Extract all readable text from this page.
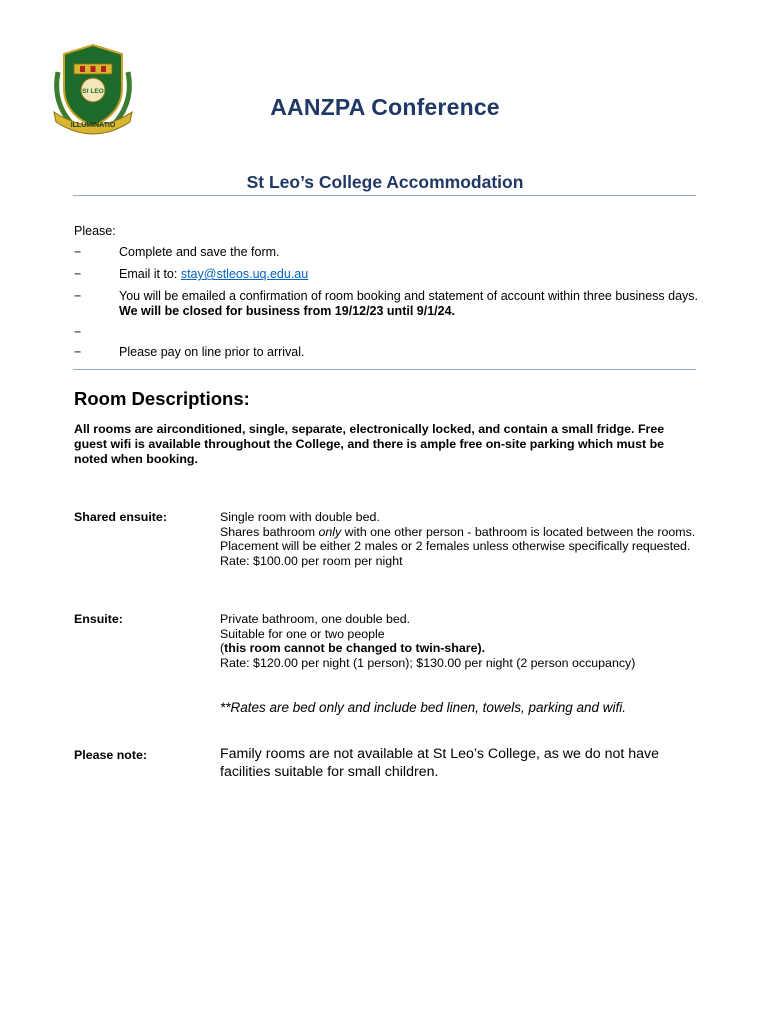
St LEO
ILLUMINATIO
AANZPA Conference
St Leo’s College Accommodation
Please:
−	Complete and save the form.
−	Email it to: stay@stleos.uq.edu.au
−	You will be emailed a confirmation of room booking and statement of account within three business days. We will be closed for business from 19/12/23 until 9/1/24.
−
−	Please pay on line prior to arrival.
Room Descriptions:
All rooms are airconditioned, single, separate, electronically locked, and contain a small fridge. Free guest wifi is available throughout the College, and there is ample free on-site parking which must be noted when booking.
Shared ensuite:	Single room with double bed.
Shares bathroom only with one other person - bathroom is located between the rooms.
Placement will be either 2 males or 2 females unless otherwise specifically requested.
Rate: $100.00 per room per night
Ensuite:	Private bathroom, one double bed.
Suitable for one or two people
(this room cannot be changed to twin-share).
Rate: $120.00 per night (1 person); $130.00 per night (2 person occupancy)
**Rates are bed only and include bed linen, towels, parking and wifi.
Please note:	Family rooms are not available at St Leo’s College, as we do not have facilities suitable for small children.
